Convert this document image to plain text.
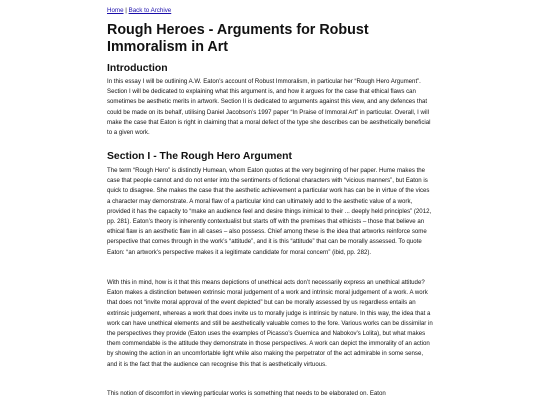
Home | Back to Archive
Rough Heroes - Arguments for Robust Immoralism in Art
Introduction

In this essay I will be outlining A.W. Eaton’s account of Robust Immoralism, in particular her “Rough Hero Argument”. Section I will be dedicated to explaining what this argument is, and how it argues for the case that ethical flaws can sometimes be aesthetic merits in artwork. Section II is dedicated to arguments against this view, and any defences that could be made on its behalf, utilising Daniel Jacobson’s 1997 paper “In Praise of Immoral Art” in particular. Overall, I will make the case that Eaton is right in claiming that a moral defect of the type she describes can be aesthetically beneficial to a given work.

Section I - The Rough Hero Argument

The term “Rough Hero” is distinctly Humean, whom Eaton quotes at the very beginning of her paper. Hume makes the case that people cannot and do not enter into the sentiments of fictional characters with “vicious manners”, but Eaton is quick to disagree. She makes the case that the aesthetic achievement a particular work has can be in virtue of the vices a character may demonstrate. A moral flaw of a particular kind can ultimately add to the aesthetic value of a work, provided it has the capacity to “make an audience feel and desire things inimical to their ... deeply held principles” (2012, pp. 281). Eaton’s theory is inherently contextualist but starts off with the premises that ethicists – those that believe an ethical flaw is an aesthetic flaw in all cases – also possess. Chief among these is the idea that artworks reinforce some perspective that comes through in the work’s “attitude”, and it is this “attitude” that can be morally assessed. To quote Eaton: “an artwork’s perspective makes it a legitimate candidate for moral concern” (ibid, pp. 282).

With this in mind, how is it that this means depictions of unethical acts don’t necessarily express an unethical attitude? Eaton makes a distinction between extrinsic moral judgement of a work and intrinsic moral judgement of a work. A work that does not “invite moral approval of the event depicted” but can be morally assessed by us regardless entails an extrinsic judgement, whereas a work that does invite us to morally judge is intrinsic by nature. In this way, the idea that a work can have unethical elements and still be aesthetically valuable comes to the fore. Various works can be dissimilar in the perspectives they provide (Eaton uses the examples of Picasso’s Guernica and Nabokov’s Lolita), but what makes them commendable is the attitude they demonstrate in those perspectives. A work can depict the immorality of an action by showing the action in an uncomfortable light while also making the perpetrator of the act admirable in some sense, and it is the fact that the audience can recognise this that is aesthetically virtuous.

This notion of discomfort in viewing particular works is something that needs to be elaborated on. Eaton
